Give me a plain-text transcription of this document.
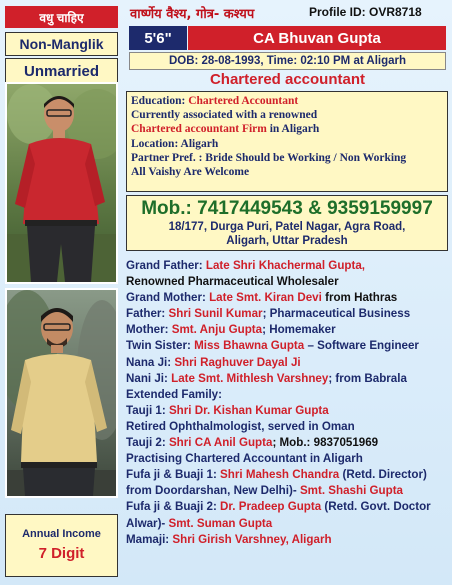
वधु चाहिए
Non-Manglik
Unmarried
Annual Income
7 Digit
वार्ष्णेय वैश्य, गोत्र- कश्यप	Profile ID: OVR8718
5'6"	CA Bhuvan Gupta
DOB: 28-08-1993, Time: 02:10 PM at Aligarh
Chartered accountant
Education: Chartered Accountant
Currently associated with a renowned
Chartered accountant Firm in Aligarh
Location: Aligarh
Partner Pref. : Bride Should be Working / Non Working
All Vaishy Are Welcome
Mob.: 7417449543 & 9359159997
18/177, Durga Puri, Patel Nagar, Agra Road,
Aligarh, Uttar Pradesh
Grand Father: Late Shri Khachermal Gupta,
Renowned Pharmaceutical Wholesaler
Grand Mother: Late Smt. Kiran Devi from Hathras
Father: Shri Sunil Kumar; Pharmaceutical Business
Mother: Smt. Anju Gupta; Homemaker
Twin Sister: Miss Bhawna Gupta – Software Engineer
Nana Ji: Shri Raghuver Dayal Ji
Nani Ji: Late Smt. Mithlesh Varshney; from Babrala
Extended Family:
Tauji 1: Shri Dr. Kishan Kumar Gupta
Retired Ophthalmologist, served in Oman
Tauji 2: Shri CA Anil Gupta; Mob.: 9837051969
Practising Chartered Accountant in Aligarh
Fufa ji & Buaji 1: Shri Mahesh Chandra (Retd. Director)
from Doordarshan, New Delhi)- Smt. Shashi Gupta
Fufa ji & Buaji 2: Dr. Pradeep Gupta (Retd. Govt. Doctor
Alwar)- Smt. Suman Gupta
Mamaji: Shri Girish Varshney, Aligarh
